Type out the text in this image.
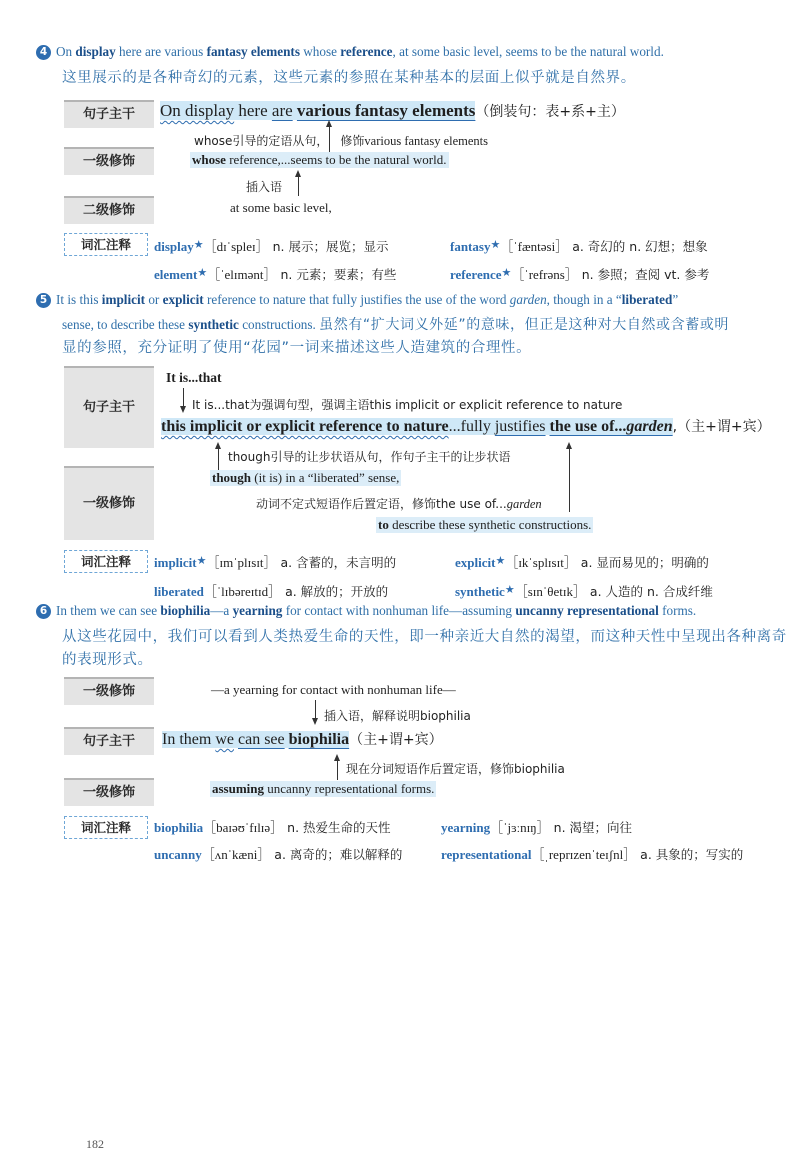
4 On display here are various fantasy elements whose reference, at some basic level, seems to be the natural world.
这里展示的是各种奇幻的元素，这些元素的参照在某种基本的层面上似乎就是自然界。
句子主干	On display here are various fantasy elements（倒装句：表+系+主）
whose引导的定语从句， 修饰various fantasy elements
一级修饰	whose reference,...seems to be the natural world.
插入语
二级修饰	at some basic level,
词汇注释	display★［dɪˈspleɪ］ n. 展示；展览；显示	fantasy★［ˈfæntəsi］ a. 奇幻的 n. 幻想；想象
element★［ˈelɪmənt］ n. 元素；要素；有些	reference★［ˈrefrəns］ n. 参照；查阅 vt. 参考
5 It is this implicit or explicit reference to nature that fully justifies the use of the word garden, though in a “liberated”
sense, to describe these synthetic constructions. 虽然有“扩大词义外延”的意味，但正是这种对大自然或含蓄或明
显的参照，充分证明了使用“花园”一词来描述这些人造建筑的合理性。
句子主干
It is...that
It is...that为强调句型，强调主语this implicit or explicit reference to nature
this implicit or explicit reference to nature...fully justifies the use of...garden,（主+谓+宾）
一级修饰
though引导的让步状语从句，作句子主干的让步状语
though (it is) in a “liberated” sense,
动词不定式短语作后置定语，修饰the use of...garden
to describe these synthetic constructions.
词汇注释	implicit★［ɪmˈplɪsɪt］ a. 含蓄的，未言明的	explicit★［ɪkˈsplɪsɪt］ a. 显而易见的；明确的
liberated［ˈlɪbəreɪtɪd］ a. 解放的；开放的	synthetic★［sɪnˈθetɪk］ a. 人造的 n. 合成纤维
6 In them we can see biophilia—a yearning for contact with nonhuman life—assuming uncanny representational forms.
从这些花园中，我们可以看到人类热爱生命的天性，即一种亲近大自然的渴望，而这种天性中呈现出各种离奇
的表现形式。
一级修饰	—a yearning for contact with nonhuman life—
插入语，解释说明biophilia
句子主干	In them we can see biophilia（主+谓+宾）
现在分词短语作后置定语，修饰biophilia
一级修饰	assuming uncanny representational forms.
词汇注释	biophilia［baɪəʊˈfɪlɪə］ n. 热爱生命的天性	yearning［ˈjɜːnɪŋ］ n. 渴望；向往
uncanny［ʌnˈkæni］ a. 离奇的；难以解释的	representational［ˌreprɪzenˈteɪʃnl］ a. 具象的；写实的
182
